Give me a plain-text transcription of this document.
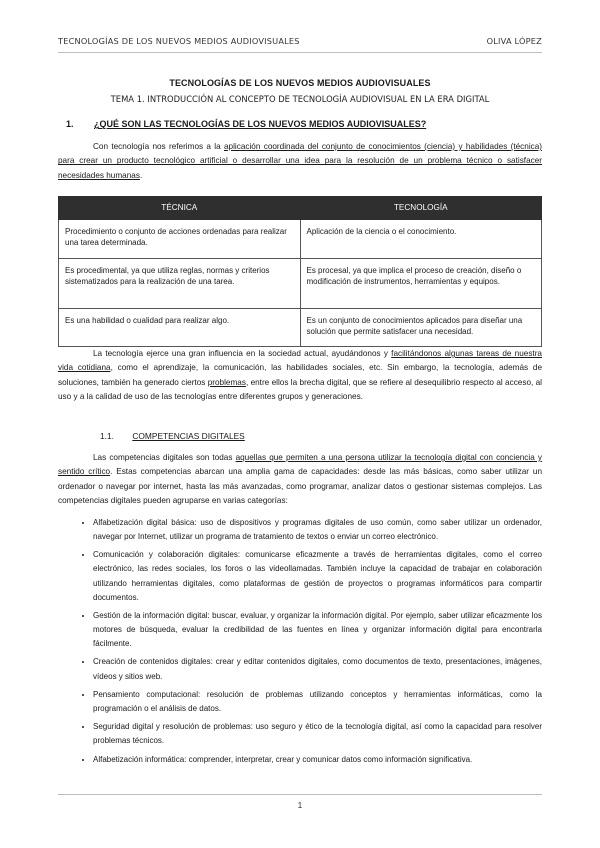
TECNOLOGÍAS DE LOS NUEVOS MEDIOS AUDIOVISUALES	OLIVA LÓPEZ
TECNOLOGÍAS DE LOS NUEVOS MEDIOS AUDIOVISUALES
TEMA 1. INTRODUCCIÓN AL CONCEPTO DE TECNOLOGÍA AUDIOVISUAL EN LA ERA DIGITAL
1. ¿QUÉ SON LAS TECNOLOGÍAS DE LOS NUEVOS MEDIOS AUDIOVISUALES?

Con tecnología nos referimos a la aplicación coordinada del conjunto de conocimientos (ciencia) y habilidades (técnica) para crear un producto tecnológico artificial o desarrollar una idea para la resolución de un problema técnico o satisfacer necesidades humanas.

TÉCNICA	TECNOLOGÍA
Procedimiento o conjunto de acciones ordenadas para realizar una tarea determinada.	Aplicación de la ciencia o el conocimiento.
Es procedimental, ya que utiliza reglas, normas y criterios sistematizados para la realización de una tarea.	Es procesal, ya que implica el proceso de creación, diseño o modificación de instrumentos, herramientas y equipos.
Es una habilidad o cualidad para realizar algo.	Es un conjunto de conocimientos aplicados para diseñar una solución que permite satisfacer una necesidad.

La tecnología ejerce una gran influencia en la sociedad actual, ayudándonos y facilitándonos algunas tareas de nuestra vida cotidiana, como el aprendizaje, la comunicación, las habilidades sociales, etc. Sin embargo, la tecnología, además de soluciones, también ha generado ciertos problemas, entre ellos la brecha digital, que se refiere al desequilibrio respecto al acceso, al uso y a la calidad de uso de las tecnologías entre diferentes grupos y generaciones.

1.1. COMPETENCIAS DIGITALES

Las competencias digitales son todas aquellas que permiten a una persona utilizar la tecnología digital con conciencia y sentido crítico. Estas competencias abarcan una amplia gama de capacidades: desde las más básicas, como saber utilizar un ordenador o navegar por internet, hasta las más avanzadas, como programar, analizar datos o gestionar sistemas complejos. Las competencias digitales pueden agruparse en varias categorías:

• Alfabetización digital básica: uso de dispositivos y programas digitales de uso común, como saber utilizar un ordenador, navegar por Internet, utilizar un programa de tratamiento de textos o enviar un correo electrónico.
• Comunicación y colaboración digitales: comunicarse eficazmente a través de herramientas digitales, como el correo electrónico, las redes sociales, los foros o las videollamadas. También incluye la capacidad de trabajar en colaboración utilizando herramientas digitales, como plataformas de gestión de proyectos o programas informáticos para compartir documentos.
• Gestión de la información digital: buscar, evaluar, y organizar la información digital. Por ejemplo, saber utilizar eficazmente los motores de búsqueda, evaluar la credibilidad de las fuentes en línea y organizar información digital para encontrarla fácilmente.
• Creación de contenidos digitales: crear y editar contenidos digitales, como documentos de texto, presentaciones, imágenes, vídeos y sitios web.
• Pensamiento computacional: resolución de problemas utilizando conceptos y herramientas informáticas, como la programación o el análisis de datos.
• Seguridad digital y resolución de problemas: uso seguro y ético de la tecnología digital, así como la capacidad para resolver problemas técnicos.
• Alfabetización informática: comprender, interpretar, crear y comunicar datos como información significativa.
1
